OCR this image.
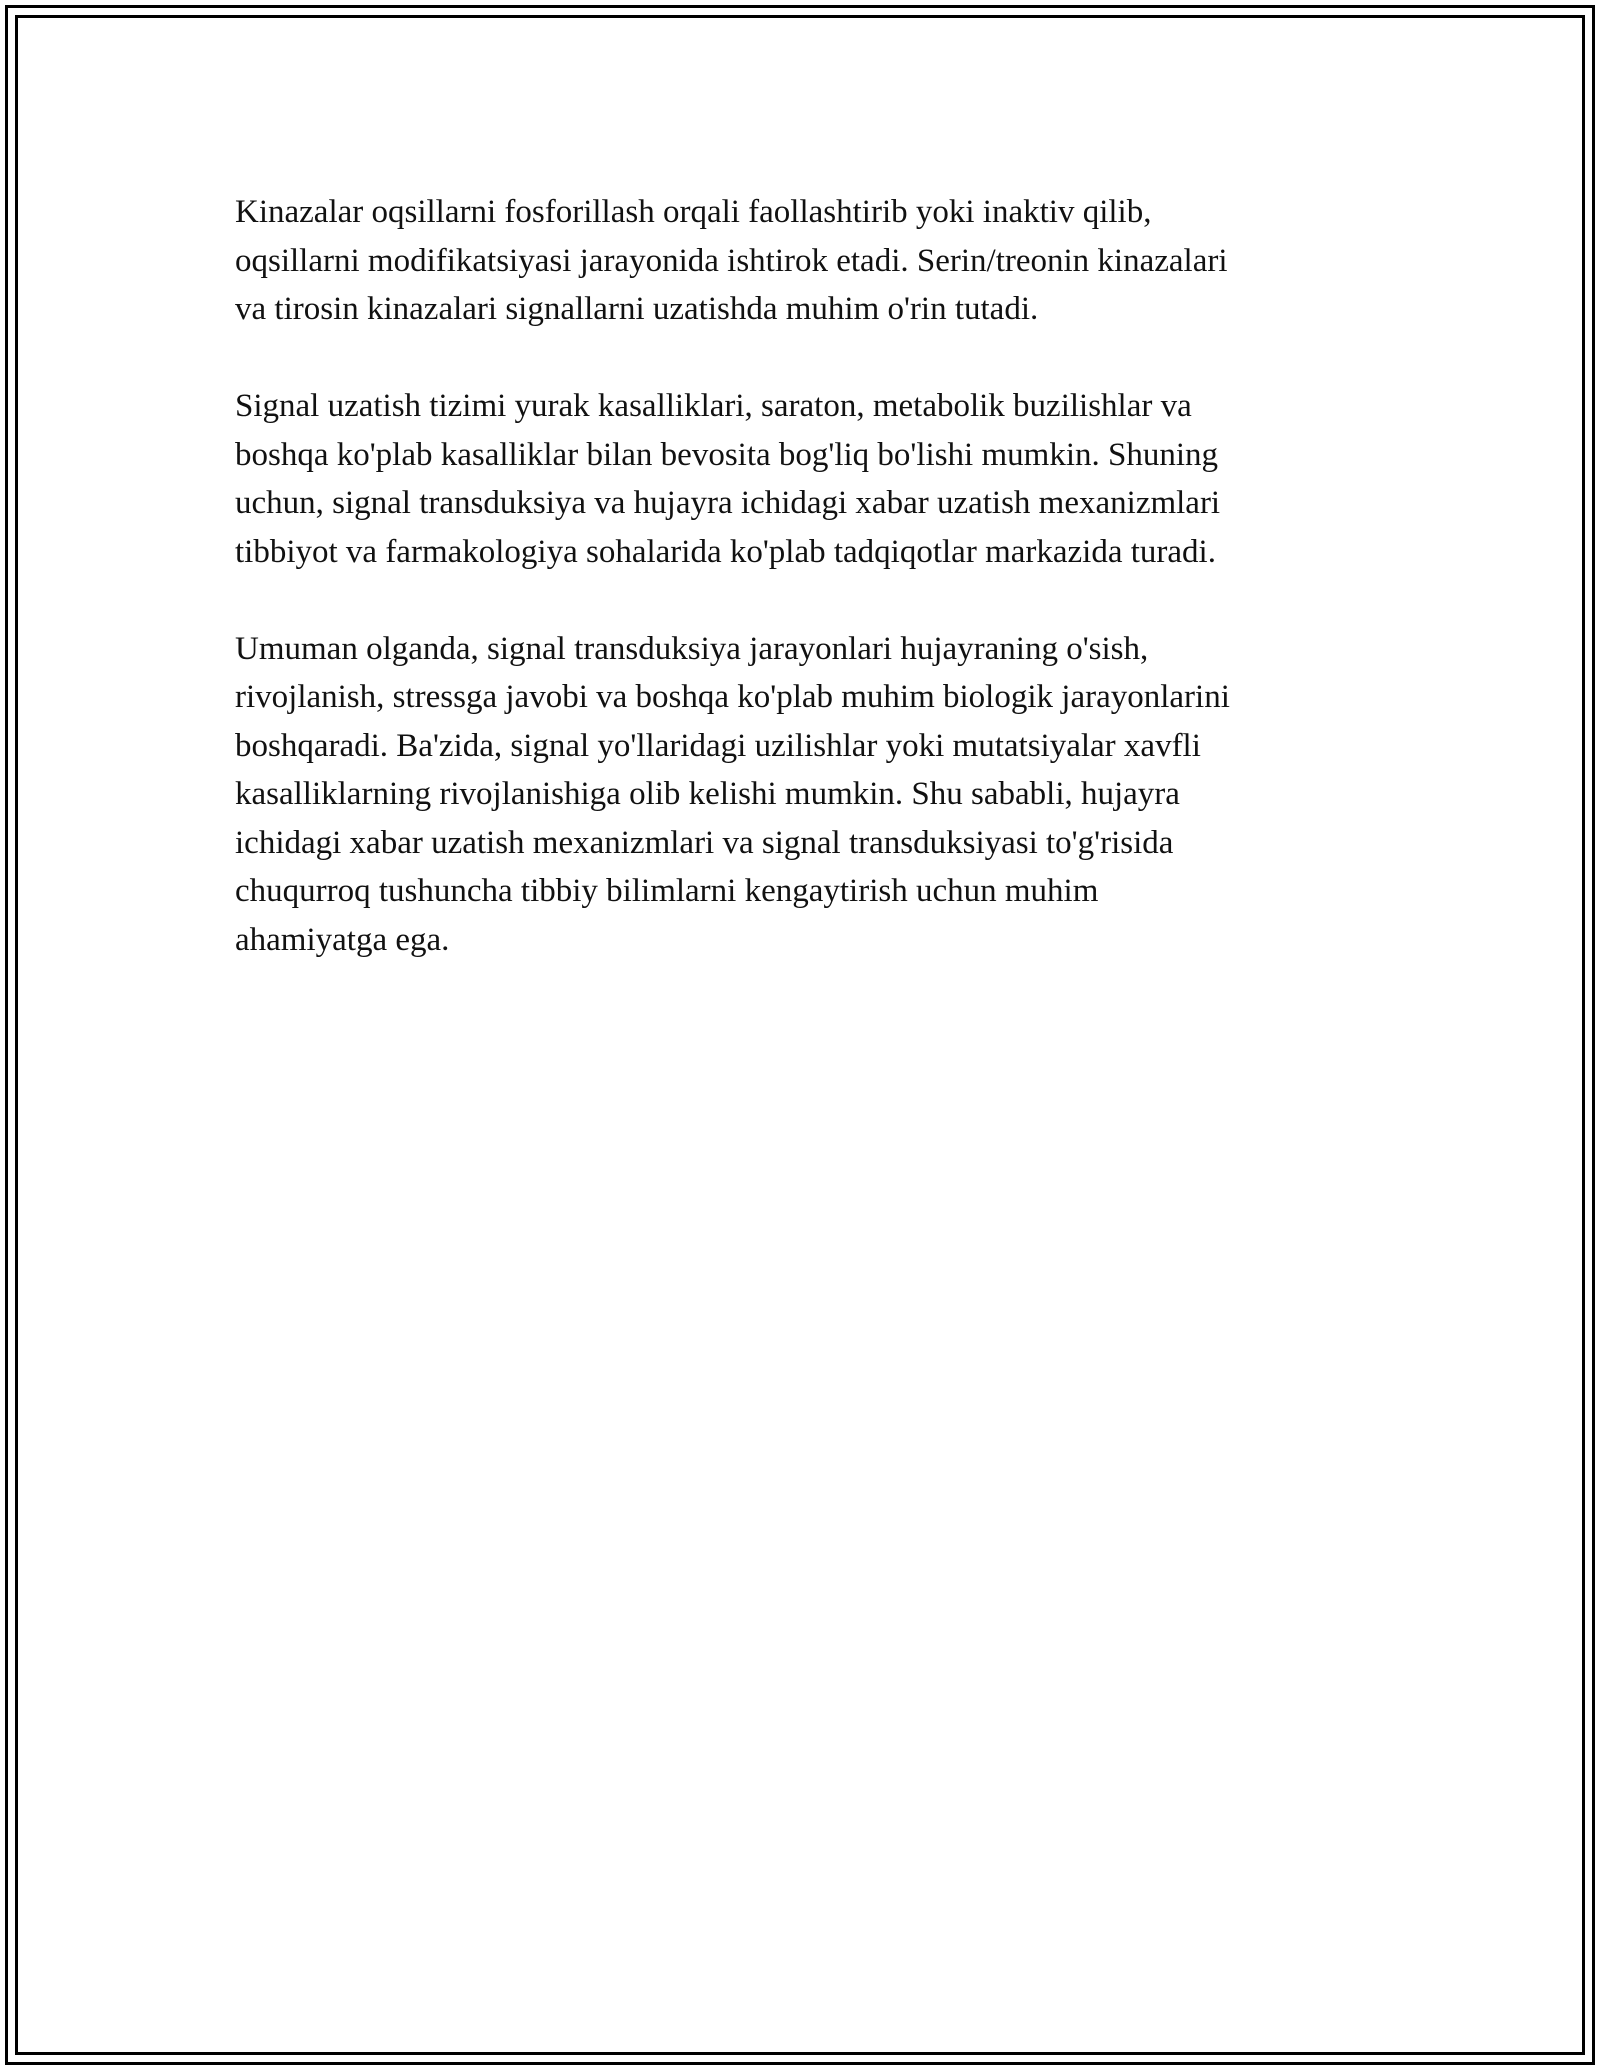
Kinazalar oqsillarni fosforillash orqali faollashtirib yoki inaktiv qilib,
oqsillarni modifikatsiyasi jarayonida ishtirok etadi. Serin/treonin kinazalari
va tirosin kinazalari signallarni uzatishda muhim o'rin tutadi.

Signal uzatish tizimi yurak kasalliklari, saraton, metabolik buzilishlar va
boshqa ko'plab kasalliklar bilan bevosita bog'liq bo'lishi mumkin. Shuning
uchun, signal transduksiya va hujayra ichidagi xabar uzatish mexanizmlari
tibbiyot va farmakologiya sohalarida ko'plab tadqiqotlar markazida turadi.

Umuman olganda, signal transduksiya jarayonlari hujayraning o'sish,
rivojlanish, stressga javobi va boshqa ko'plab muhim biologik jarayonlarini
boshqaradi. Ba'zida, signal yo'llaridagi uzilishlar yoki mutatsiyalar xavfli
kasalliklarning rivojlanishiga olib kelishi mumkin. Shu sababli, hujayra
ichidagi xabar uzatish mexanizmlari va signal transduksiyasi to'g'risida
chuqurroq tushuncha tibbiy bilimlarni kengaytirish uchun muhim
ahamiyatga ega.
